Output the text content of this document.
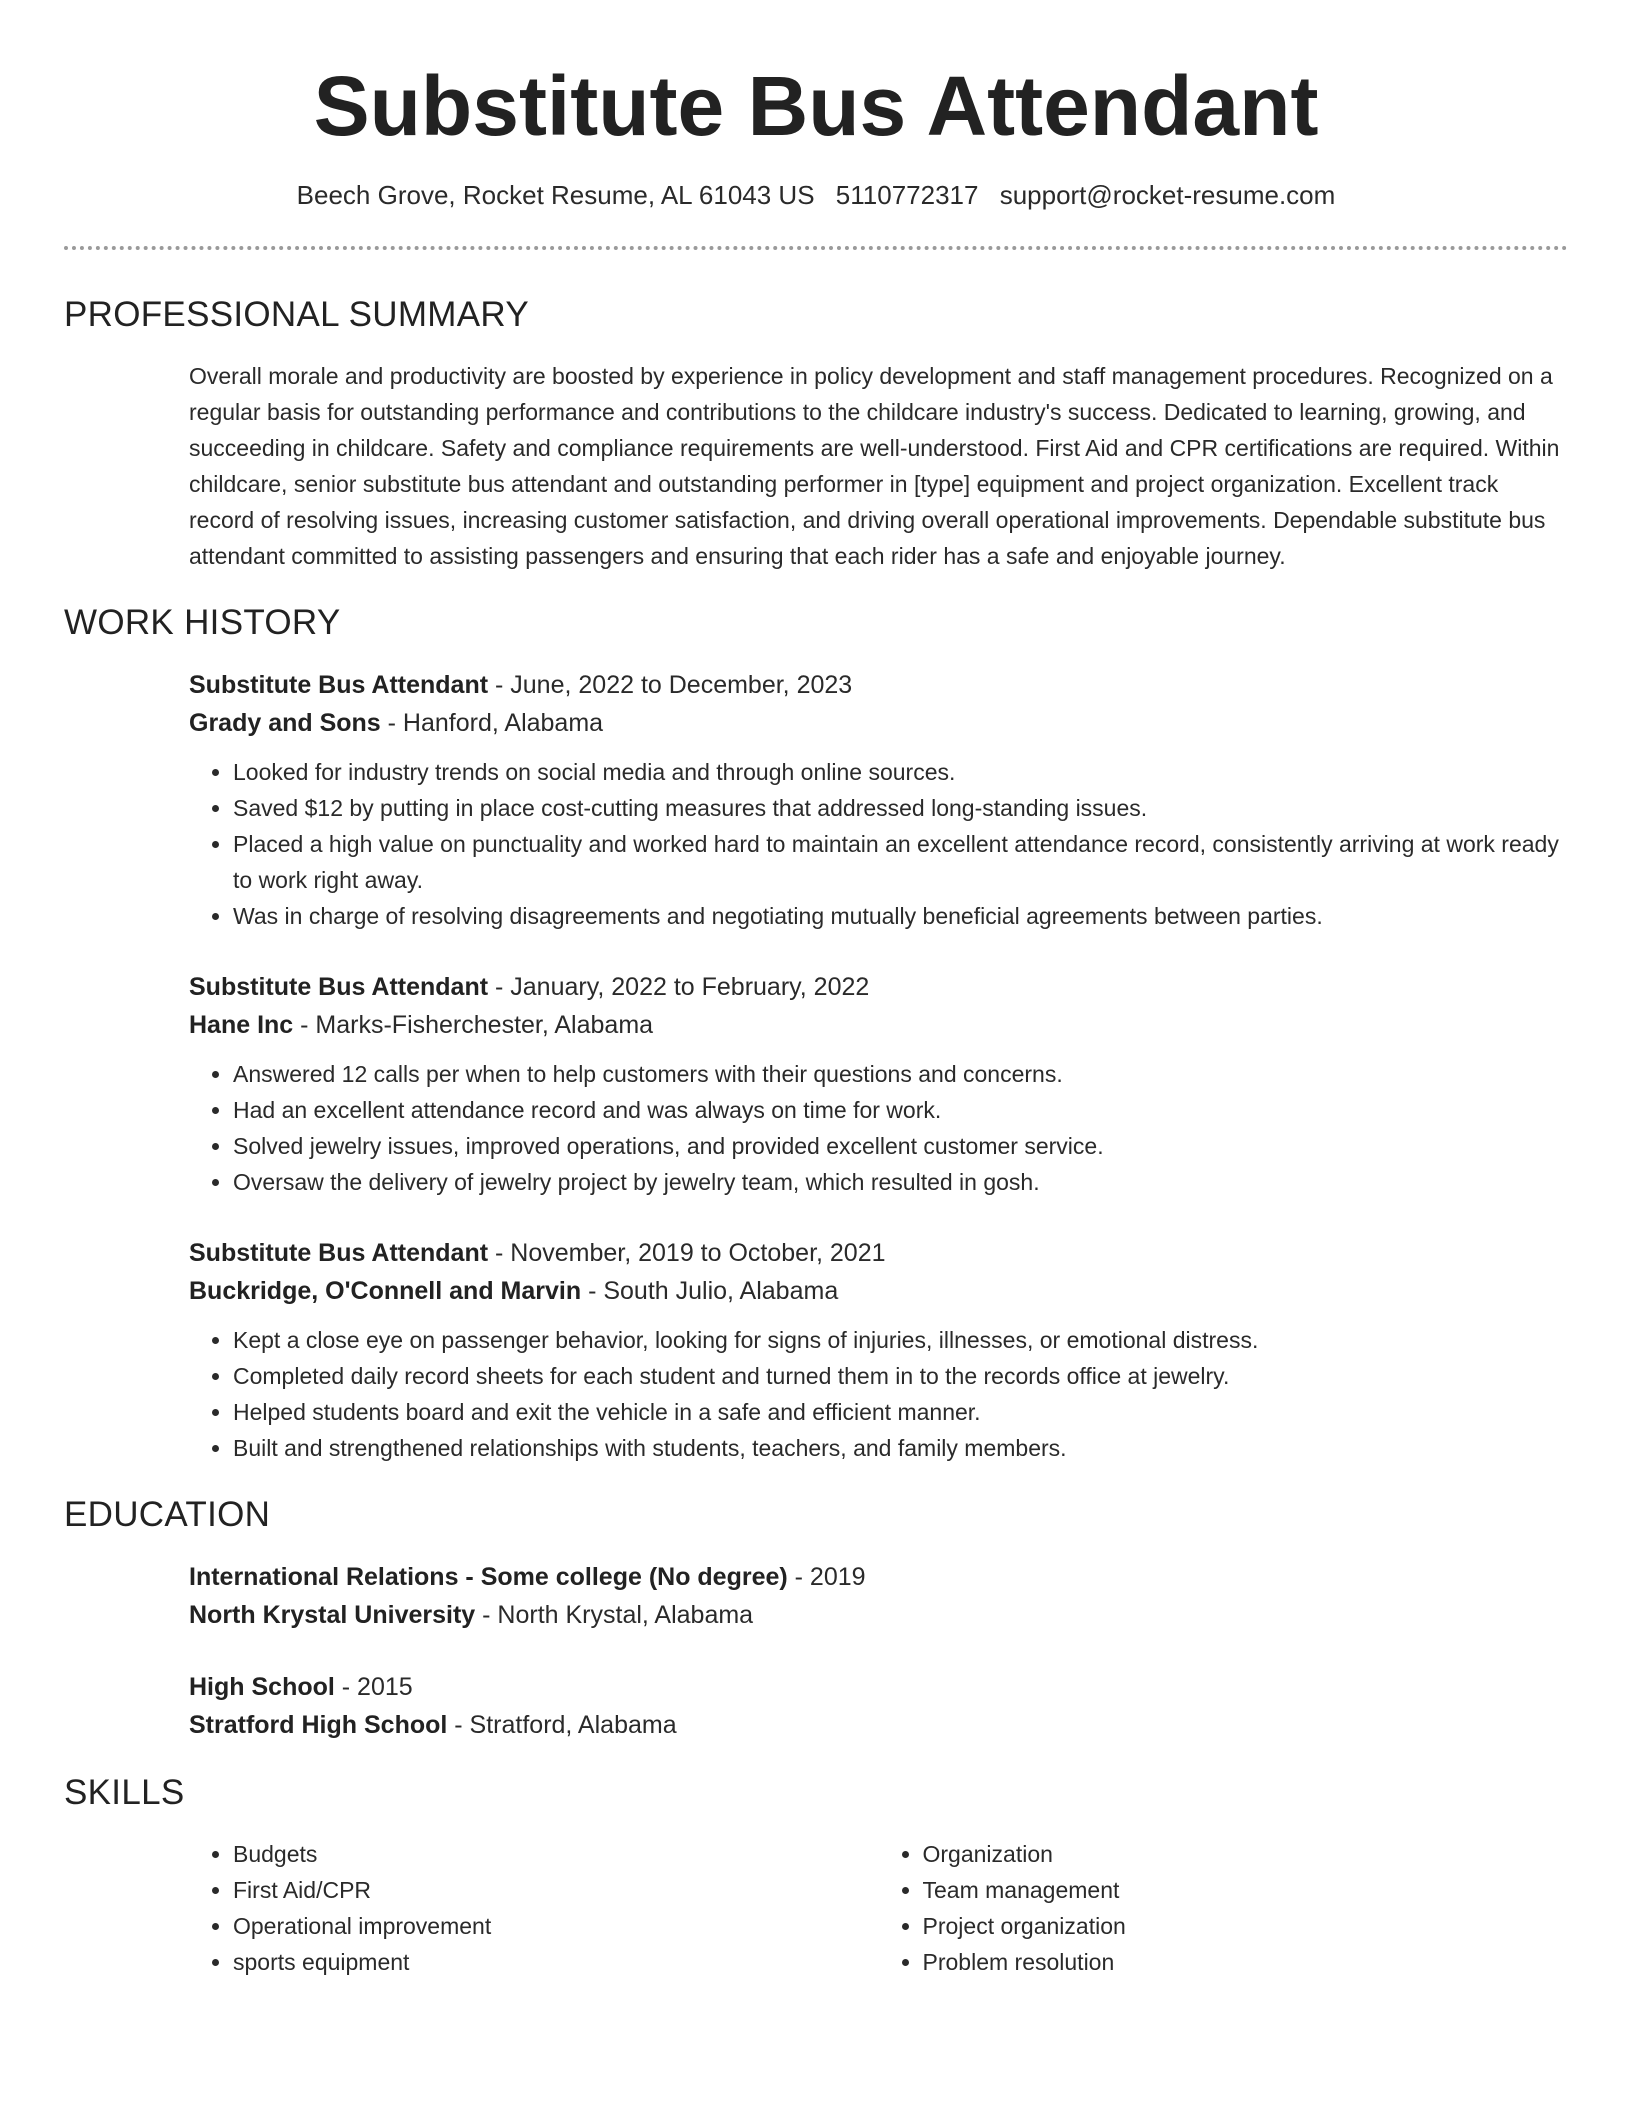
Substitute Bus Attendant
Beech Grove, Rocket Resume, AL 61043 US 5110772317 support@rocket-resume.com
PROFESSIONAL SUMMARY

Overall morale and productivity are boosted by experience in policy development and staff management procedures. Recognized on a regular basis for outstanding performance and contributions to the childcare industry's success. Dedicated to learning, growing, and succeeding in childcare. Safety and compliance requirements are well-understood. First Aid and CPR certifications are required. Within childcare, senior substitute bus attendant and outstanding performer in [type] equipment and project organization. Excellent track record of resolving issues, increasing customer satisfaction, and driving overall operational improvements. Dependable substitute bus attendant committed to assisting passengers and ensuring that each rider has a safe and enjoyable journey.

WORK HISTORY
Substitute Bus Attendant - June, 2022 to December, 2023
Grady and Sons - Hanford, Alabama
• Looked for industry trends on social media and through online sources.
• Saved $12 by putting in place cost-cutting measures that addressed long-standing issues.
• Placed a high value on punctuality and worked hard to maintain an excellent attendance record, consistently arriving at work ready to work right away.
• Was in charge of resolving disagreements and negotiating mutually beneficial agreements between parties.
Substitute Bus Attendant - January, 2022 to February, 2022
Hane Inc - Marks-Fisherchester, Alabama
• Answered 12 calls per when to help customers with their questions and concerns.
• Had an excellent attendance record and was always on time for work.
• Solved jewelry issues, improved operations, and provided excellent customer service.
• Oversaw the delivery of jewelry project by jewelry team, which resulted in gosh.
Substitute Bus Attendant - November, 2019 to October, 2021
Buckridge, O'Connell and Marvin - South Julio, Alabama
• Kept a close eye on passenger behavior, looking for signs of injuries, illnesses, or emotional distress.
• Completed daily record sheets for each student and turned them in to the records office at jewelry.
• Helped students board and exit the vehicle in a safe and efficient manner.
• Built and strengthened relationships with students, teachers, and family members.
EDUCATION
International Relations - Some college (No degree) - 2019
North Krystal University - North Krystal, Alabama
High School - 2015
Stratford High School - Stratford, Alabama
SKILLS
• Budgets
• First Aid/CPR
• Operational improvement
• sports equipment
• Organization
• Team management
• Project organization
• Problem resolution
